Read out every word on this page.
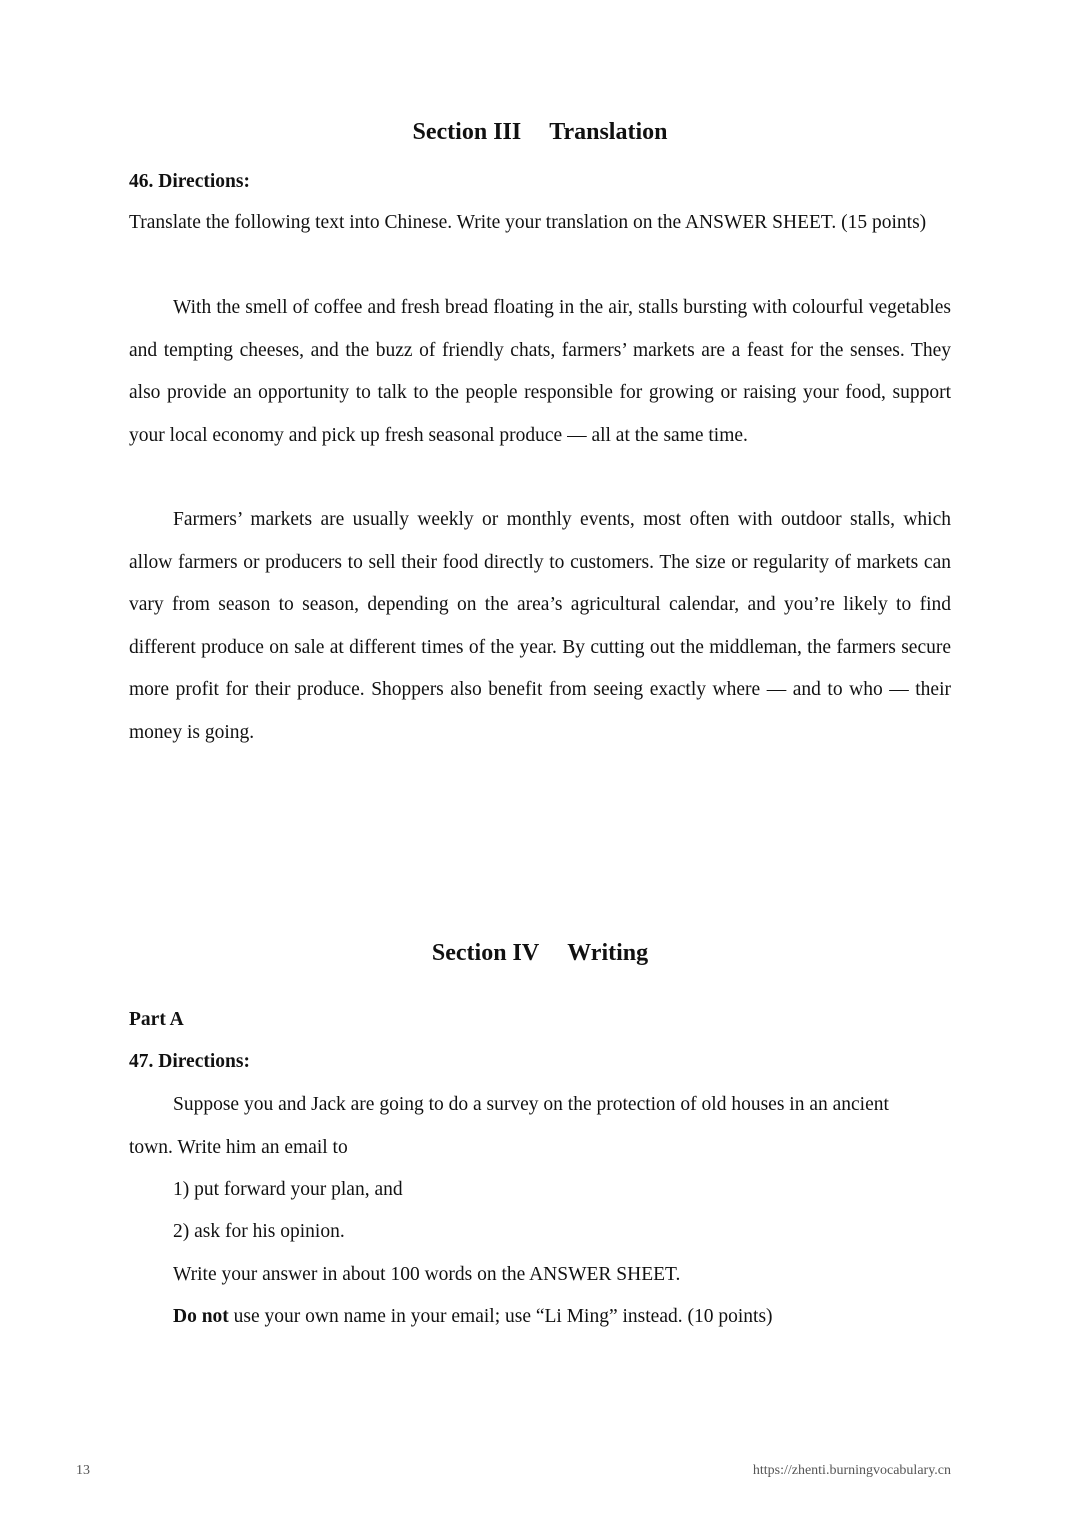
Section III Translation

46. Directions:

Translate the following text into Chinese. Write your translation on the ANSWER SHEET. (15 points)

With the smell of coffee and fresh bread floating in the air, stalls bursting with colourful vegetables and tempting cheeses, and the buzz of friendly chats, farmers’ markets are a feast for the senses. They also provide an opportunity to talk to the people responsible for growing or raising your food, support your local economy and pick up fresh seasonal produce — all at the same time.

Farmers’ markets are usually weekly or monthly events, most often with outdoor stalls, which allow farmers or producers to sell their food directly to customers. The size or regularity of markets can vary from season to season, depending on the area’s agricultural calendar, and you’re likely to find different produce on sale at different times of the year. By cutting out the middleman, the farmers secure more profit for their produce. Shoppers also benefit from seeing exactly where — and to who — their money is going.

Section IV Writing

Part A

47. Directions:

Suppose you and Jack are going to do a survey on the protection of old houses in an ancient town. Write him an email to

1) put forward your plan, and

2) ask for his opinion.

Write your answer in about 100 words on the ANSWER SHEET.

Do not use your own name in your email; use “Li Ming” instead. (10 points)

13	https://zhenti.burningvocabulary.cn
